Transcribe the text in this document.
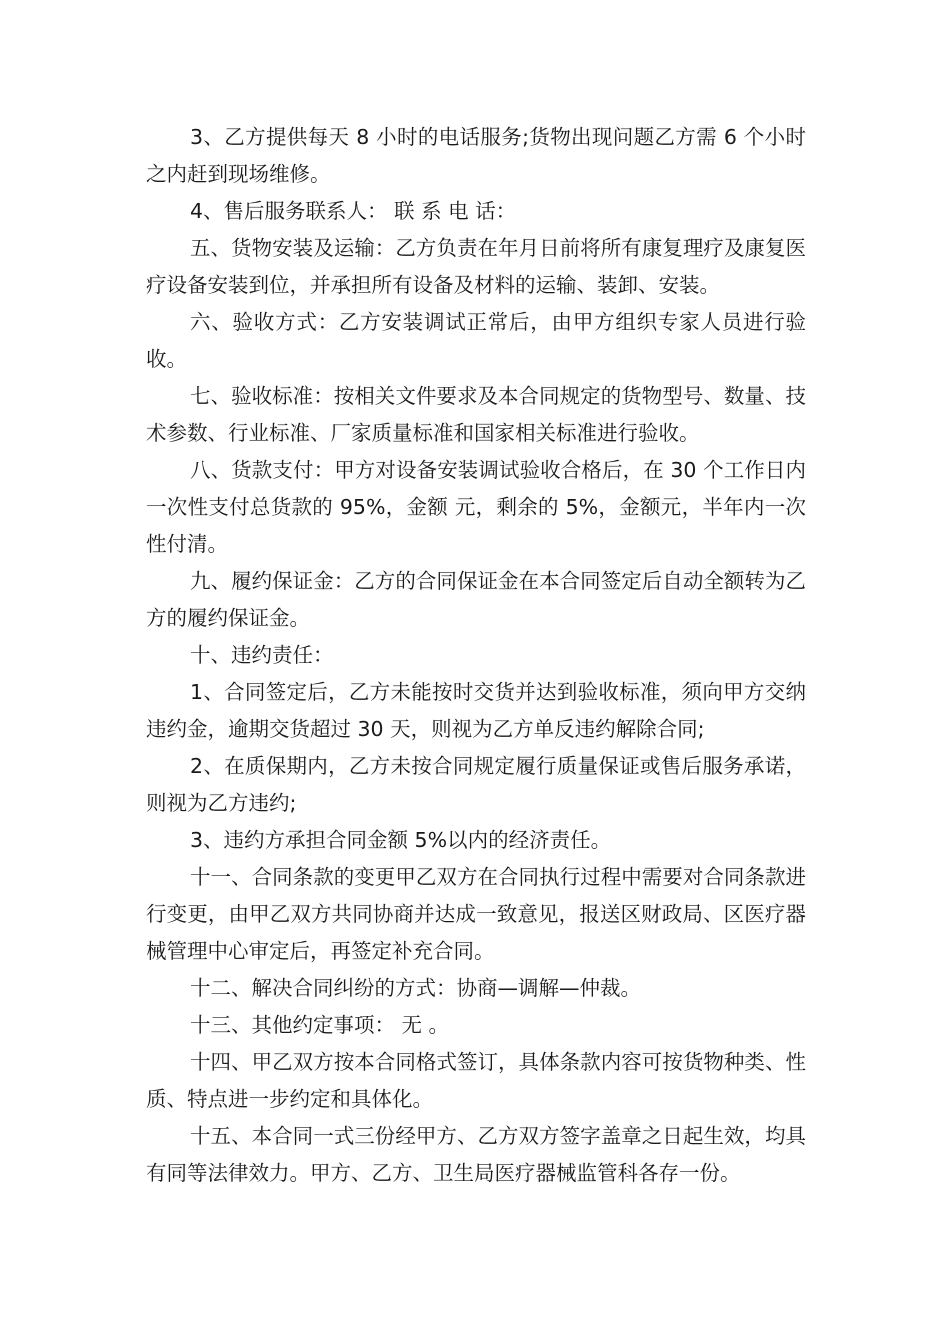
3、乙方提供每天 8 小时的电话服务;货物出现问题乙方需 6 个小时之内赶到现场维修。

4、售后服务联系人： 联 系 电 话：

五、货物安装及运输：乙方负责在年月日前将所有康复理疗及康复医疗设备安装到位，并承担所有设备及材料的运输、装卸、安装。

六、验收方式：乙方安装调试正常后，由甲方组织专家人员进行验收。

七、验收标准：按相关文件要求及本合同规定的货物型号、数量、技术参数、行业标准、厂家质量标准和国家相关标准进行验收。

八、货款支付：甲方对设备安装调试验收合格后，在 30 个工作日内一次性支付总货款的 95%，金额 元，剩余的 5%，金额元，半年内一次性付清。

九、履约保证金：乙方的合同保证金在本合同签定后自动全额转为乙方的履约保证金。

十、违约责任：

1、合同签定后，乙方未能按时交货并达到验收标准，须向甲方交纳违约金，逾期交货超过 30 天，则视为乙方单反违约解除合同;

2、在质保期内，乙方未按合同规定履行质量保证或售后服务承诺，则视为乙方违约;

3、违约方承担合同金额 5%以内的经济责任。

十一、合同条款的变更甲乙双方在合同执行过程中需要对合同条款进行变更，由甲乙双方共同协商并达成一致意见，报送区财政局、区医疗器械管理中心审定后，再签定补充合同。

十二、解决合同纠纷的方式：协商—调解—仲裁。

十三、其他约定事项： 无 。

十四、甲乙双方按本合同格式签订，具体条款内容可按货物种类、性质、特点进一步约定和具体化。

十五、本合同一式三份经甲方、乙方双方签字盖章之日起生效，均具有同等法律效力。甲方、乙方、卫生局医疗器械监管科各存一份。
